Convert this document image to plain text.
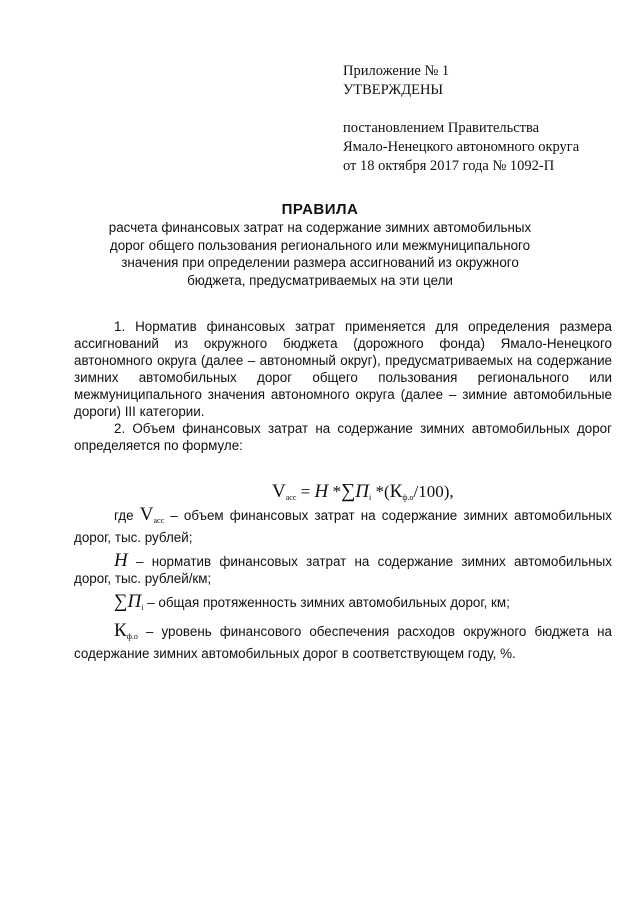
Приложение № 1
УТВЕРЖДЕНЫ
постановлением Правительства
Ямало-Ненецкого автономного округа
от 18 октября 2017 года № 1092-П
ПРАВИЛА
расчета финансовых затрат на содержание зимних автомобильных
дорог общего пользования регионального или межмуниципального
значения при определении размера ассигнований из окружного
бюджета, предусматриваемых на эти цели

1. Норматив финансовых затрат применяется для определения размера ассигнований из окружного бюджета (дорожного фонда) Ямало-Ненецкого автономного округа (далее – автономный округ), предусматриваемых на содержание зимних автомобильных дорог общего пользования регионального или межмуниципального значения автономного округа (далее – зимние автомобильные дороги) III категории.

2. Объем финансовых затрат на содержание зимних автомобильных дорог определяется по формуле:

$V_{асс} = Н$ $*\sum П_i$ $*(К_{ф.о}/100)$,

где $V_{асс}$ – объем финансовых затрат на содержание зимних автомобильных дорог, тыс. рублей;

Н – норматив финансовых затрат на содержание зимних автомобильных дорог, тыс. рублей/км;

$\sum П_i$ – общая протяженность зимних автомобильных дорог, км;

$К_{ф.о}$ – уровень финансового обеспечения расходов окружного бюджета на содержание зимних автомобильных дорог в соответствующем году, %.
